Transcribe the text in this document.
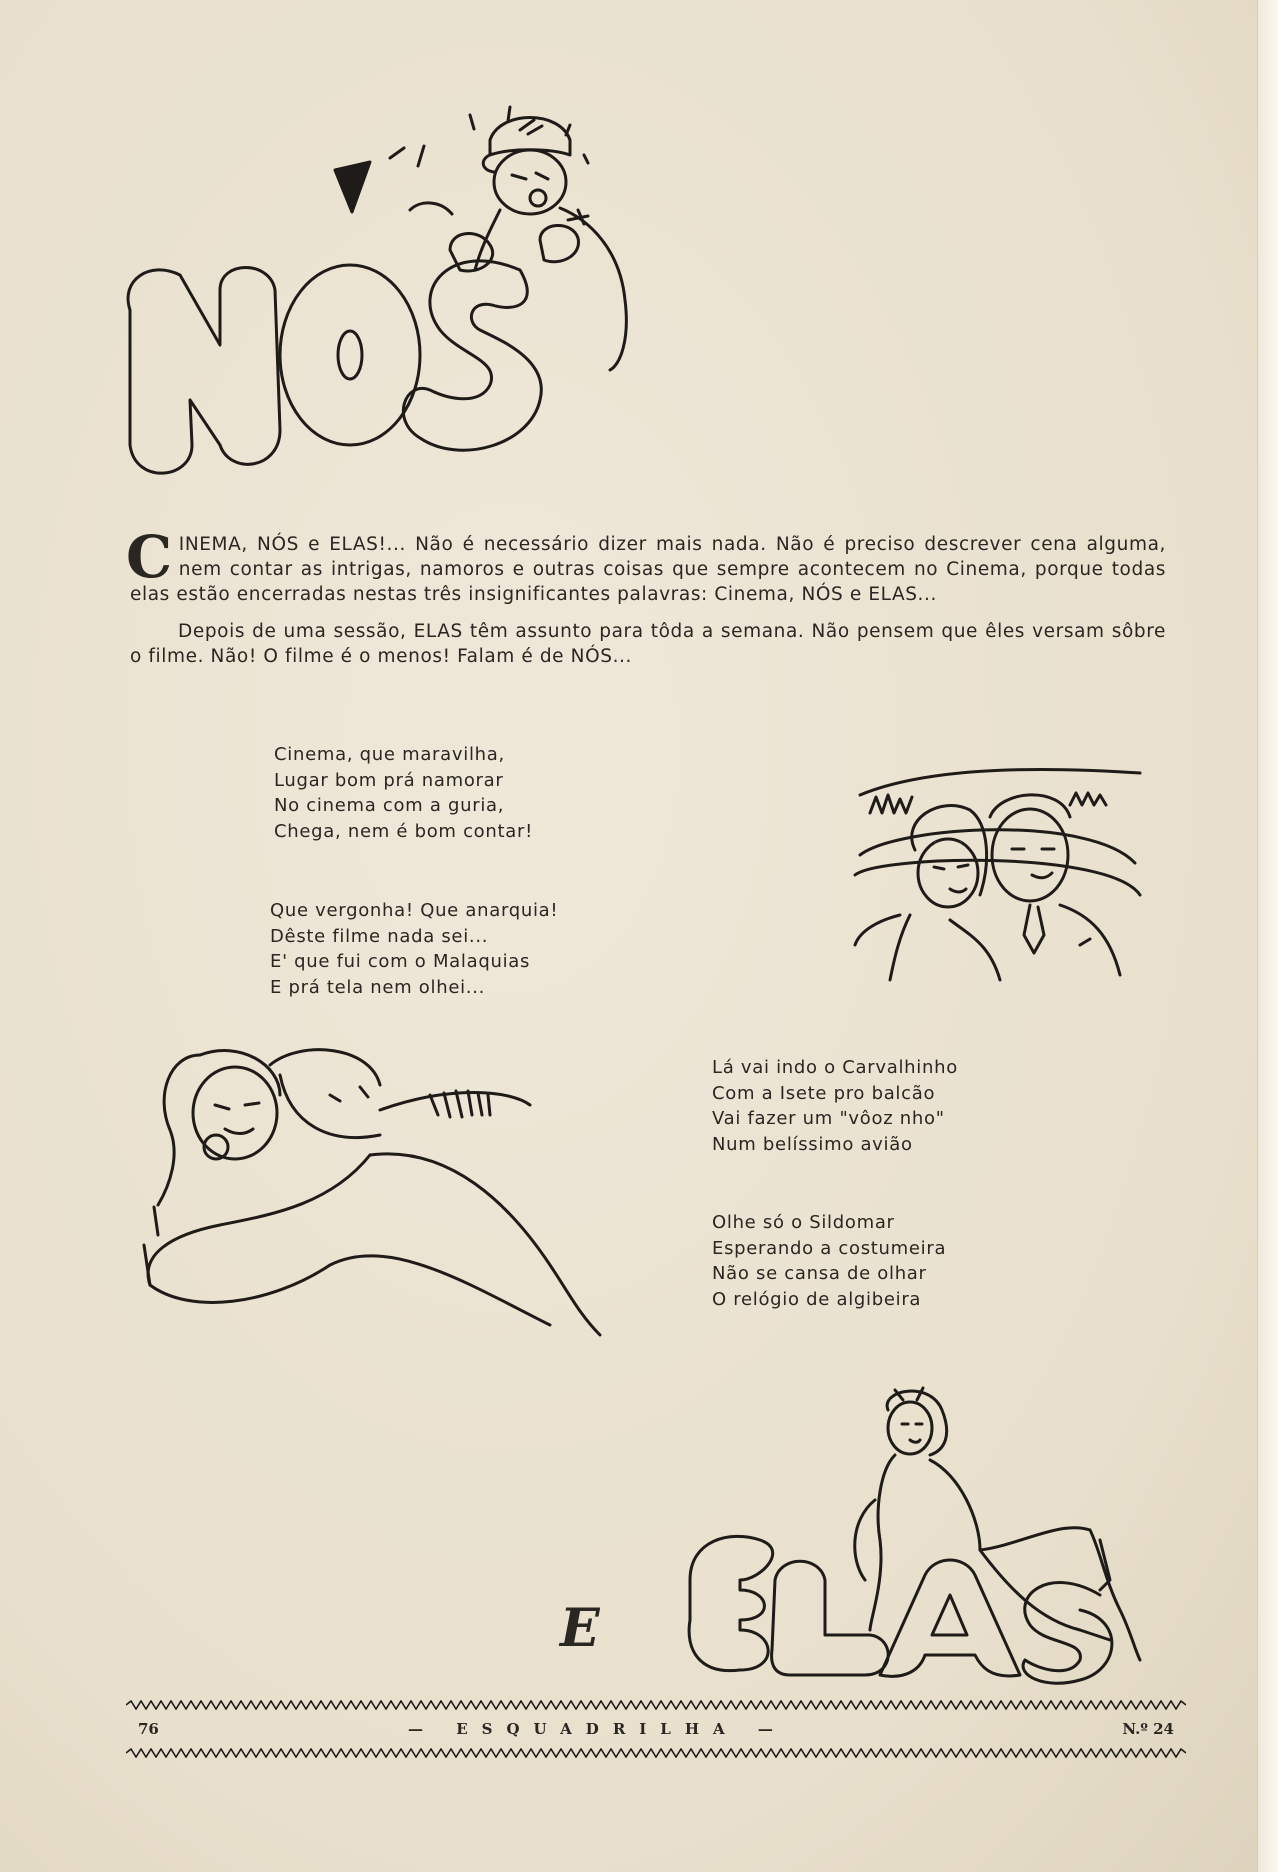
CINEMA, NÓS e ELAS!... Não é necessário dizer mais nada. Não é preciso descrever cena alguma, nem contar as intrigas, namoros e outras coisas que sempre acontecem no Cinema, porque todas elas estão encerradas nestas três insignificantes palavras: Cinema, NÓS e ELAS...

Depois de uma sessão, ELAS têm assunto para tôda a semana. Não pensem que êles versam sôbre o filme. Não! O filme é o menos! Falam é de NÓS...

Cinema, que maravilha,
Lugar bom prá namorar
No cinema com a guria,
Chega, nem é bom contar!
Que vergonha! Que anarquia!
Dêste filme nada sei...
E' que fui com o Malaquias
E prá tela nem olhei...
Lá vai indo o Carvalhinho
Com a Isete pro balcão
Vai fazer um "vôoz nho"
Num belíssimo avião
Olhe só o Sildomar
Esperando a costumeira
Não se cansa de olhar
O relógio de algibeira
E
76	— ESQUADRILHA —	N.º 24
